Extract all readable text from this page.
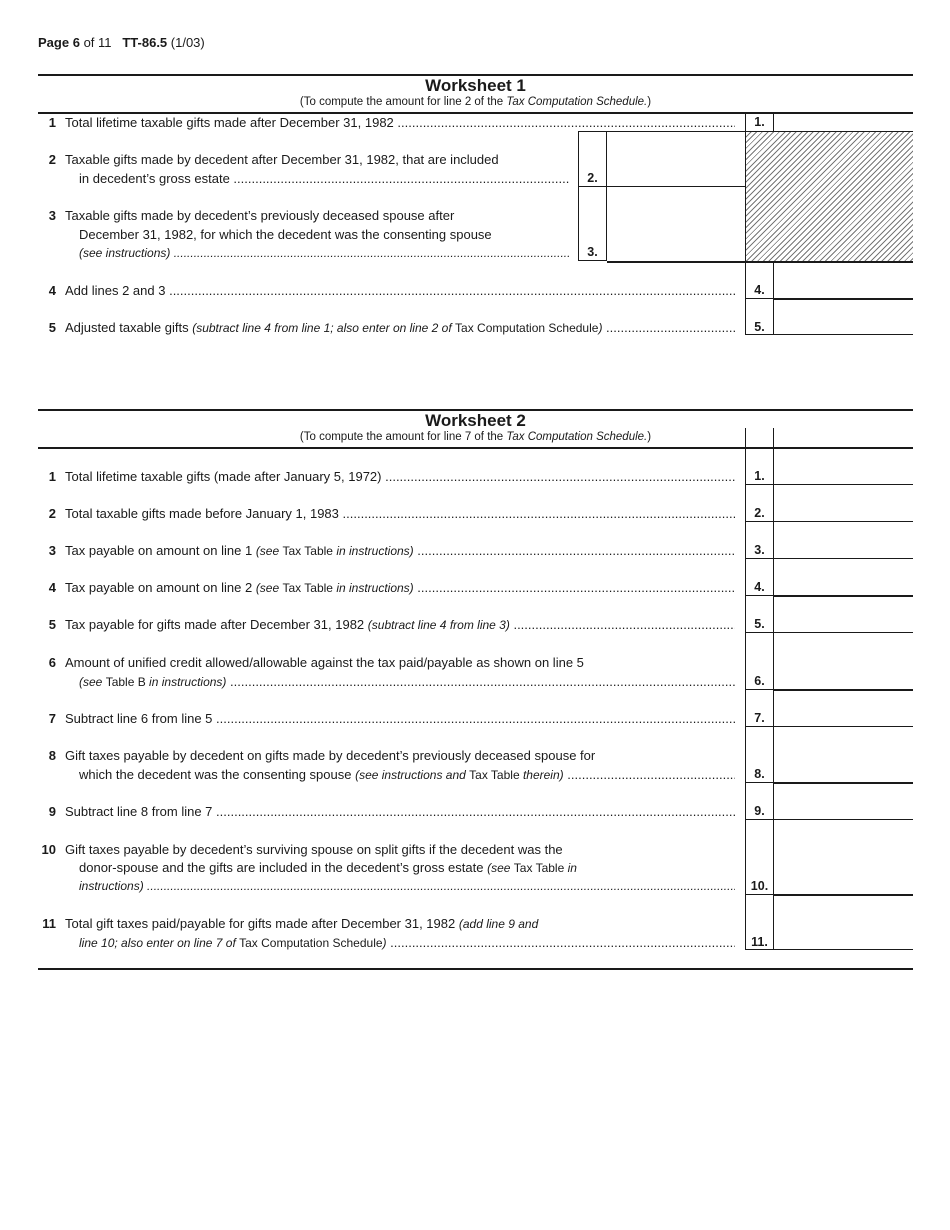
Page 6 of 11 TT-86.5 (1/03)
Worksheet 1
(To compute the amount for line 2 of the Tax Computation Schedule.)
1 Total lifetime taxable gifts made after December 31, 1982 .....	1.
2 Taxable gifts made by decedent after December 31, 1982, that are included
in decedent’s gross estate .....	2.
3 Taxable gifts made by decedent’s previously deceased spouse after
December 31, 1982, for which the decedent was the consenting spouse
(see instructions) .....	3.
4 Add lines 2 and 3 .....	4.
5 Adjusted taxable gifts (subtract line 4 from line 1; also enter on line 2 of Tax Computation Schedule) .....	5.
Worksheet 2
(To compute the amount for line 7 of the Tax Computation Schedule.)
1 Total lifetime taxable gifts (made after January 5, 1972) .....	1.
2 Total taxable gifts made before January 1, 1983 .....	2.
3 Tax payable on amount on line 1 (see Tax Table in instructions) .....	3.
4 Tax payable on amount on line 2 (see Tax Table in instructions) .....	4.
5 Tax payable for gifts made after December 31, 1982 (subtract line 4 from line 3) .....	5.
6 Amount of unified credit allowed/allowable against the tax paid/payable as shown on line 5
(see Table B in instructions) .....	6.
7 Subtract line 6 from line 5 .....	7.
8 Gift taxes payable by decedent on gifts made by decedent’s previously deceased spouse for
which the decedent was the consenting spouse (see instructions and Tax Table therein) .....	8.
9 Subtract line 8 from line 7 .....	9.
10 Gift taxes payable by decedent’s surviving spouse on split gifts if the decedent was the
donor-spouse and the gifts are included in the decedent’s gross estate (see Tax Table in
instructions) .....	10.
11 Total gift taxes paid/payable for gifts made after December 31, 1982 (add line 9 and
line 10; also enter on line 7 of Tax Computation Schedule) .....	11.
